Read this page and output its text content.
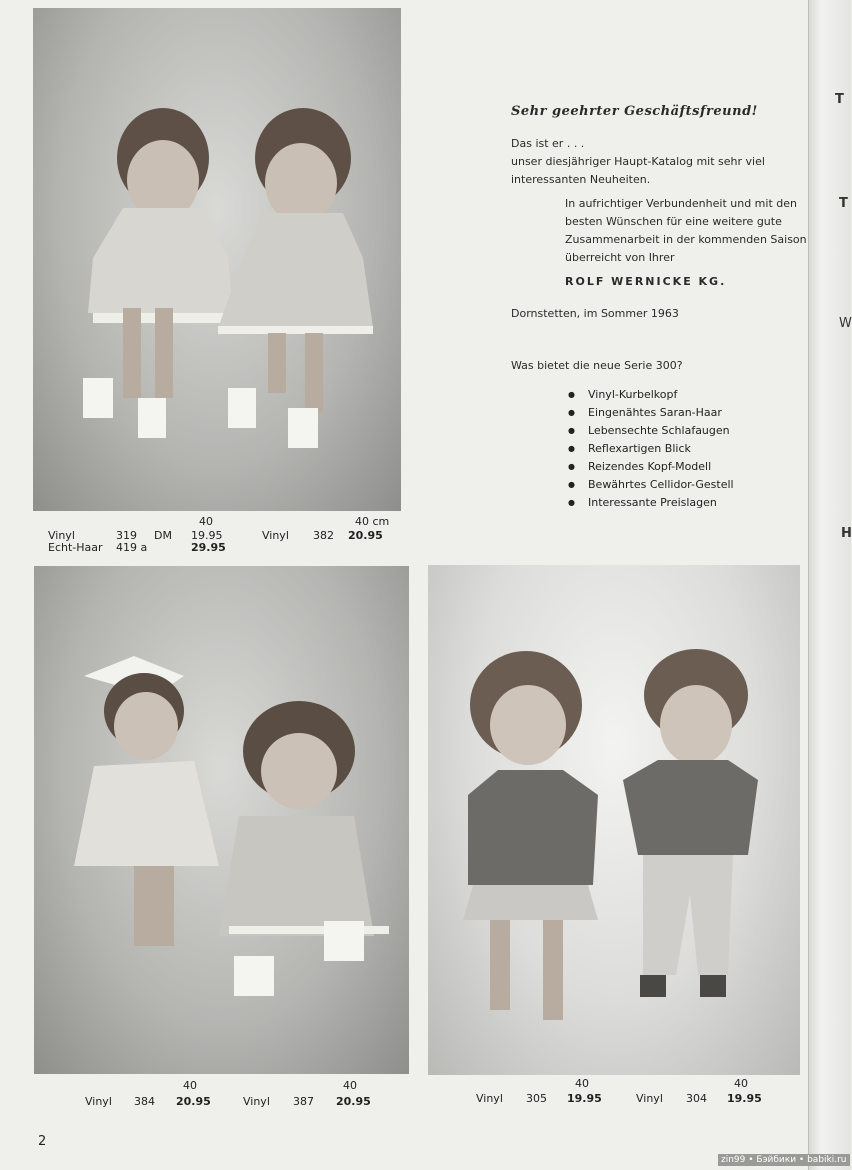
T
T
W
H
40
Vinyl	319 DM 19.95
Echt-Haar 419 a	29.95
40 cm
Vinyl 382 20.95
Sehr geehrter Geschäftsfreund!
Das ist er . . .
unser diesjähriger Haupt-Katalog mit sehr viel
interessanten Neuheiten.
In aufrichtiger Verbundenheit und mit den
besten Wünschen für eine weitere gute
Zusammenarbeit in der kommenden Saison
überreicht von Ihrer
ROLF WERNICKE KG.
Dornstetten, im Sommer 1963
Was bietet die neue Serie 300?
● Vinyl-Kurbelkopf
● Eingenähtes Saran-Haar
● Lebensechte Schlafaugen
● Reflexartigen Blick
● Reizendes Kopf-Modell
● Bewährtes Cellidor-Gestell
● Interessante Preislagen
40
Vinyl 384 20.95
40
Vinyl 387 20.95
40
Vinyl 305 19.95
40
Vinyl 304 19.95
2
zin99 • Бэйбики • babiki.ru
